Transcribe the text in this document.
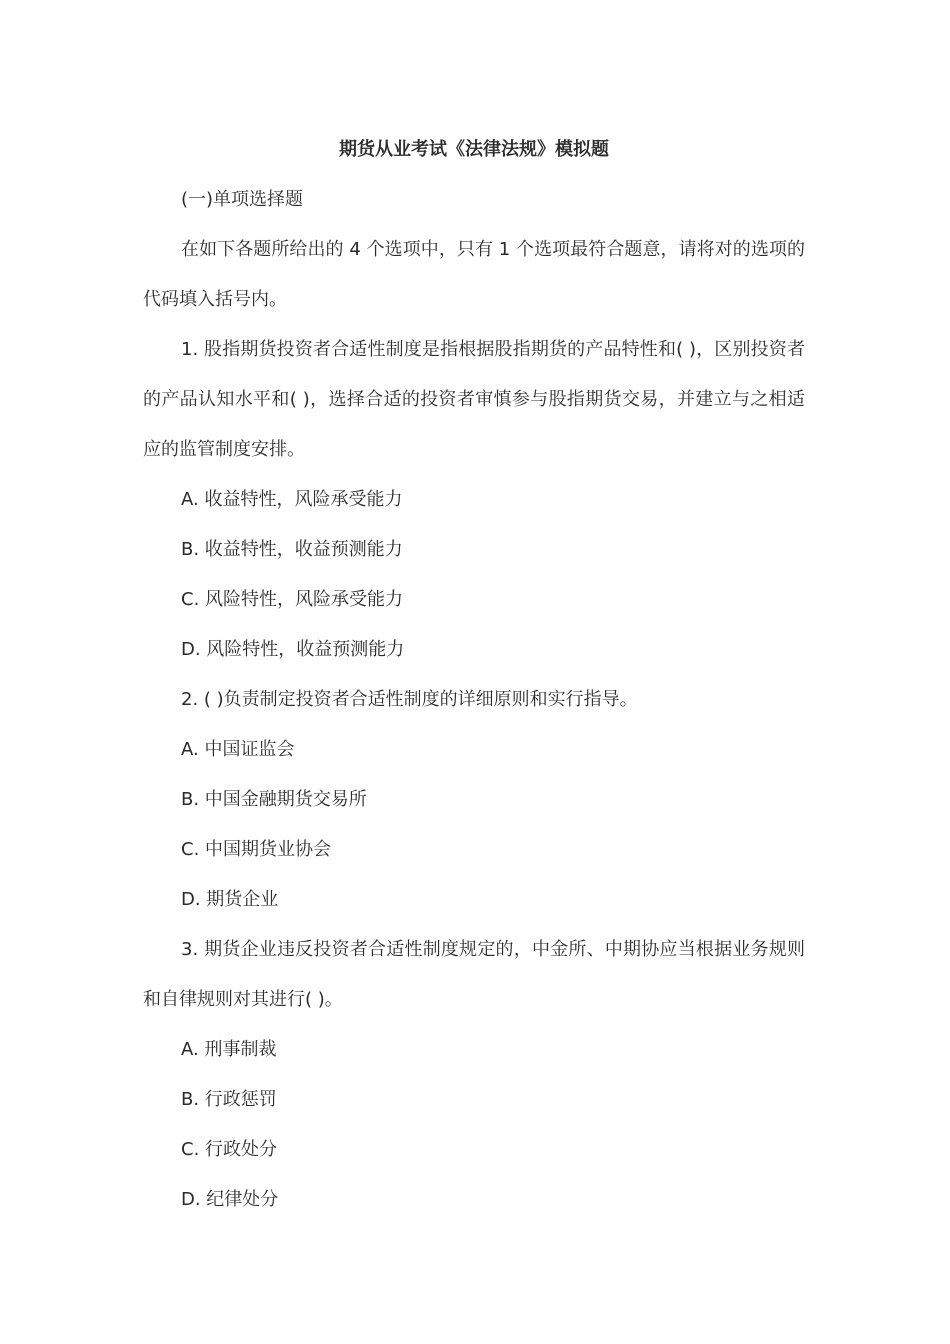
期货从业考试《法律法规》模拟题

(一)单项选择题

在如下各题所给出的 4 个选项中，只有 1 个选项最符合题意，请将对的选项的代码填入括号内。

1. 股指期货投资者合适性制度是指根据股指期货的产品特性和( )，区别投资者的产品认知水平和( )，选择合适的投资者审慎参与股指期货交易，并建立与之相适应的监管制度安排。

A. 收益特性，风险承受能力

B. 收益特性，收益预测能力

C. 风险特性，风险承受能力

D. 风险特性，收益预测能力

2. ( )负责制定投资者合适性制度的详细原则和实行指导。

A. 中国证监会

B. 中国金融期货交易所

C. 中国期货业协会

D. 期货企业

3. 期货企业违反投资者合适性制度规定的，中金所、中期协应当根据业务规则和自律规则对其进行( )。

A. 刑事制裁

B. 行政惩罚

C. 行政处分

D. 纪律处分
